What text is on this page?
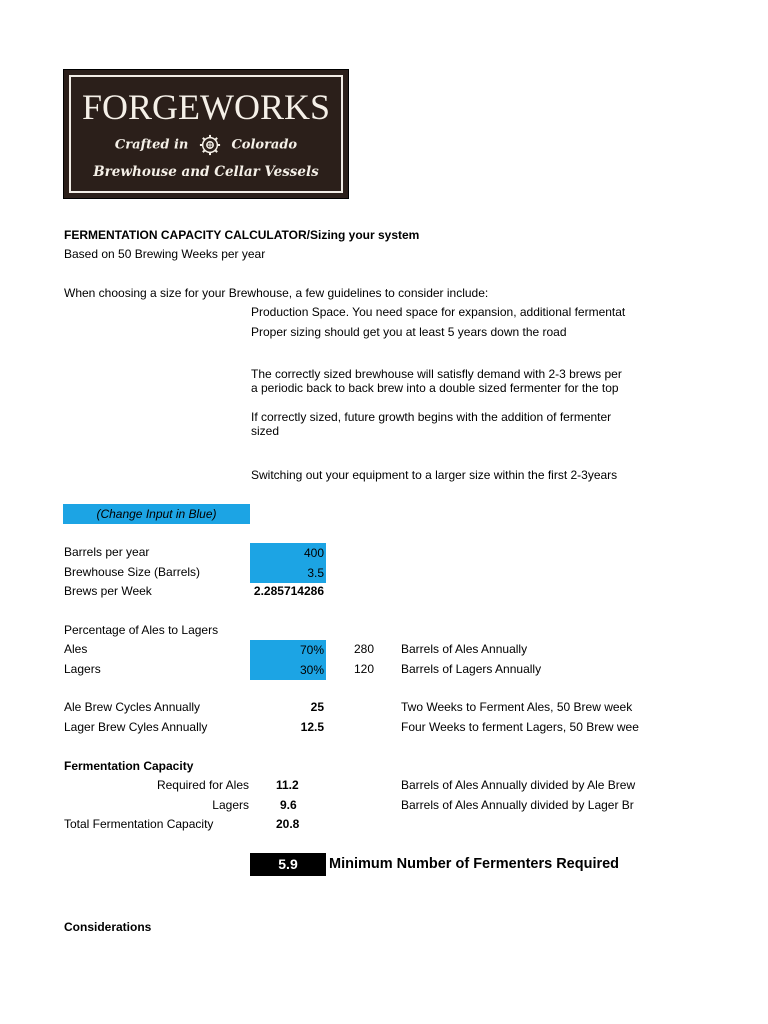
FORGEWORKS
Crafted in	Colorado
Brewhouse and Cellar Vessels
FERMENTATION CAPACITY CALCULATOR/Sizing your system
Based on 50 Brewing Weeks per year
When choosing a size for your Brewhouse, a few guidelines to consider include:
Production Space. You need space for expansion, additional fermentat
Proper sizing should get you at least 5 years down the road
The correctly sized brewhouse will satisfly demand with 2-3 brews per
a periodic back to back brew into a double sized fermenter for the top
If correctly sized, future growth begins with the addition of fermenter
sized
Switching out your equipment to a larger size within the first 2-3years
(Change Input in Blue)
Barrels per year	400
Brewhouse Size (Barrels)	3.5
Brews per Week	2.285714286
Percentage of Ales to Lagers
Ales	70%	280 Barrels of Ales Annually
Lagers	30%	120 Barrels of Lagers Annually
Ale Brew Cycles Annually	25	Two Weeks to Ferment Ales, 50 Brew week
Lager Brew Cyles Annually	12.5	Four Weeks to ferment Lagers, 50 Brew wee
Fermentation Capacity
Required for Ales 11.2	Barrels of Ales Annually divided by Ale Brew
Lagers	9.6	Barrels of Ales Annually divided by Lager Br
Total Fermentation Capacity	20.8
5.9	Minimum Number of Fermenters Required
Considerations
